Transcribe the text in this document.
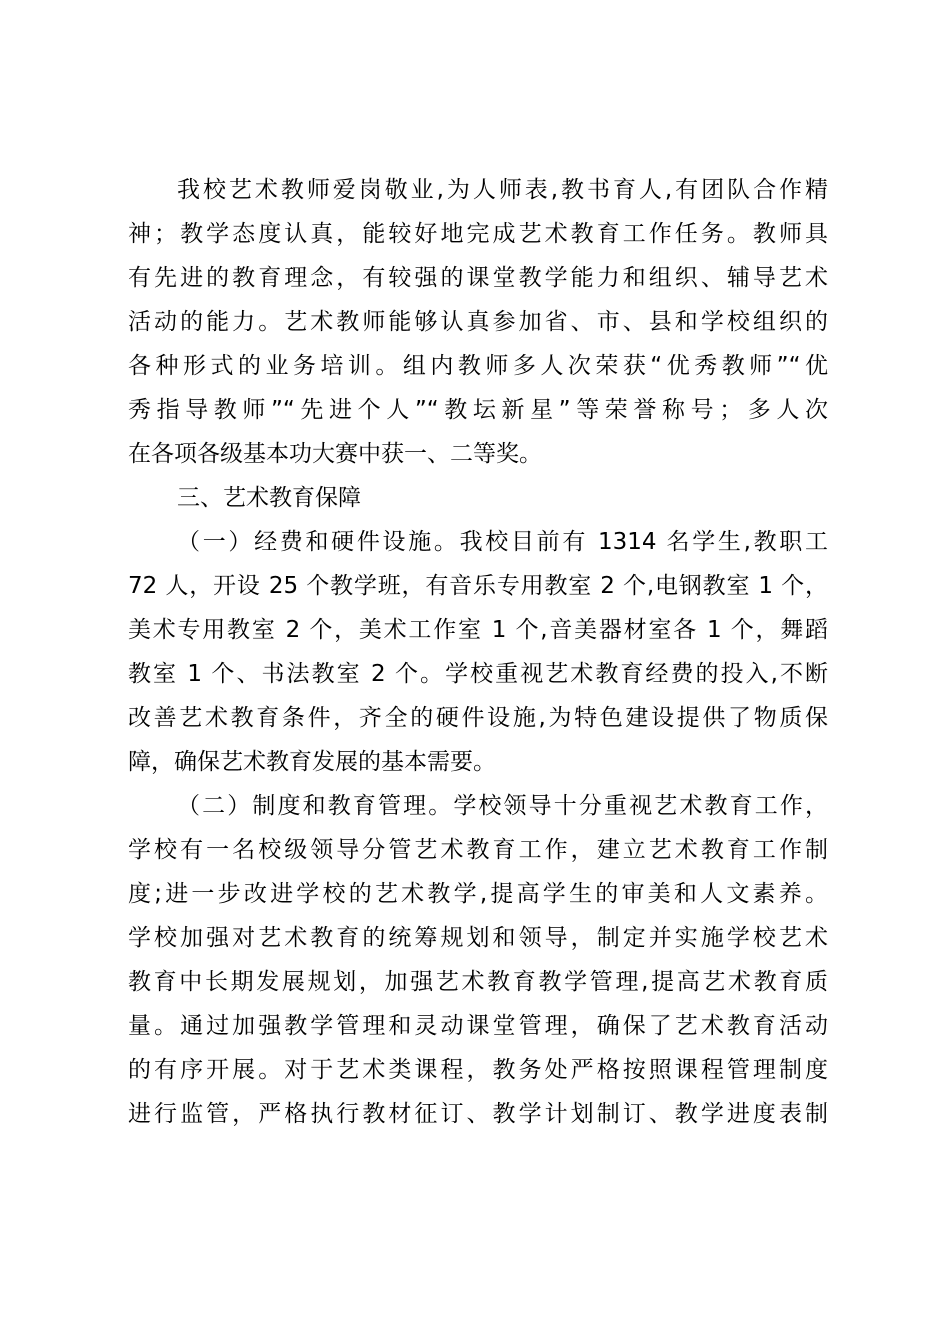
我校艺术教师爱岗敬业,为人师表,教书育人,有团队合作精
神；教学态度认真，能较好地完成艺术教育工作任务。教师具
有先进的教育理念，有较强的课堂教学能力和组织、辅导艺术
活动的能力。艺术教师能够认真参加省、市、县和学校组织的
各种形式的业务培训。组内教师多人次荣获“优秀教师”“优
秀指导教师”“先进个人”“教坛新星”等荣誉称号；多人次
在各项各级基本功大赛中获一、二等奖。
三、艺术教育保障
（一）经费和硬件设施。我校目前有 1314 名学生,教职工
72 人，开设 25 个教学班，有音乐专用教室 2 个,电钢教室 1 个，
美术专用教室 2 个，美术工作室 1 个,音美器材室各 1 个，舞蹈
教室 1 个、书法教室 2 个。学校重视艺术教育经费的投入,不断
改善艺术教育条件，齐全的硬件设施,为特色建设提供了物质保
障，确保艺术教育发展的基本需要。
（二）制度和教育管理。学校领导十分重视艺术教育工作，
学校有一名校级领导分管艺术教育工作，建立艺术教育工作制
度;进一步改进学校的艺术教学,提高学生的审美和人文素养。
学校加强对艺术教育的统筹规划和领导，制定并实施学校艺术
教育中长期发展规划，加强艺术教育教学管理,提高艺术教育质
量。通过加强教学管理和灵动课堂管理，确保了艺术教育活动
的有序开展。对于艺术类课程，教务处严格按照课程管理制度
进行监管，严格执行教材征订、教学计划制订、教学进度表制
